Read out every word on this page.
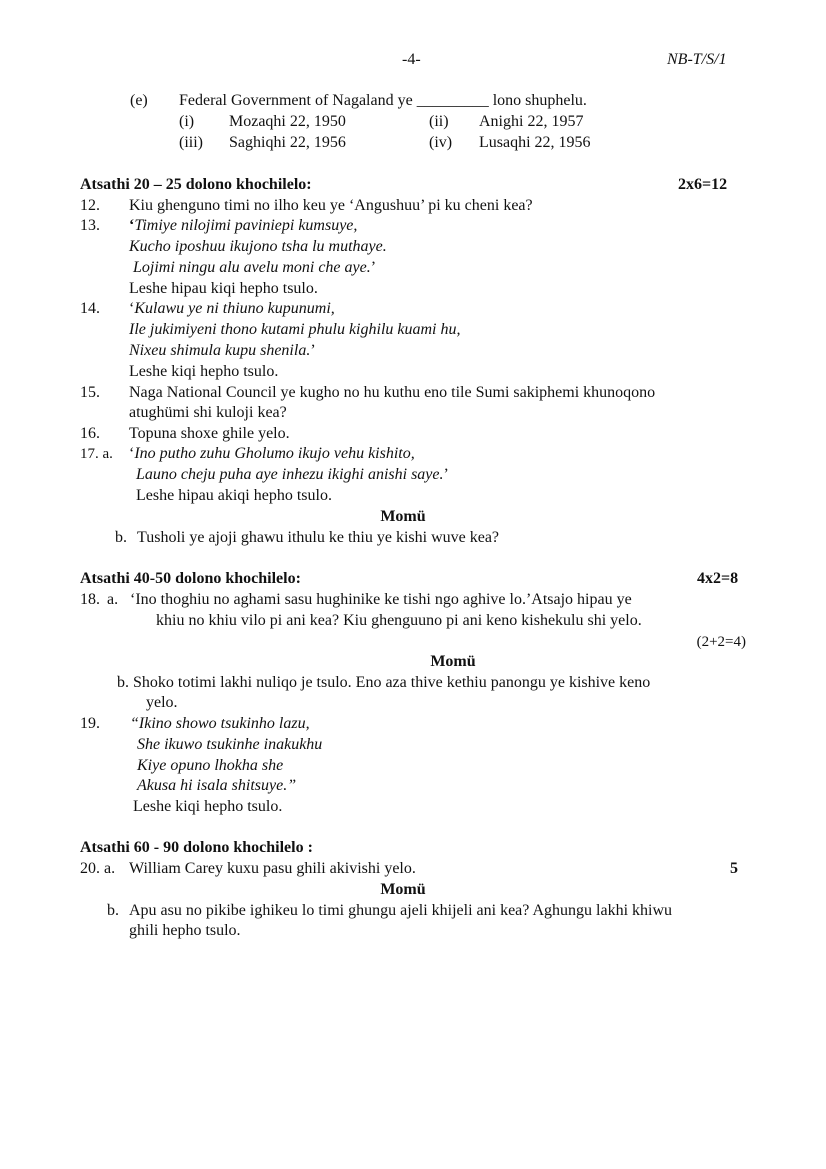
-4-	NB-T/S/1
(e) Federal Government of Nagaland ye _________ lono shuphelu.
(i) Mozaqhi 22, 1950	(ii) Anighi 22, 1957
(iii) Saghiqhi 22, 1956	(iv) Lusaqhi 22, 1956
Atsathi 20 – 25 dolono khochilelo:	2x6=12
12. Kiu ghenguno timi no ilho keu ye ‘Angushuu’ pi ku cheni kea?
13. ‘Timiye nilojimi paviniepi kumsuye,
Kucho iposhuu ikujono tsha lu muthaye.
Lojimi ningu alu avelu moni che aye.’
Leshe hipau kiqi hepho tsulo.
14. ‘Kulawu ye ni thiuno kupunumi,
Ile jukimiyeni thono kutami phulu kighilu kuami hu,
Nixeu shimula kupu shenila.’
Leshe kiqi hepho tsulo.
15. Naga National Council ye kugho no hu kuthu eno tile Sumi sakiphemi khunoqono
atughümi shi kuloji kea?
16. Topuna shoxe ghile yelo.
17. a. ‘Ino putho zuhu Gholumo ikujo vehu kishito,
Launo cheju puha aye inhezu ikighi anishi saye.’
Leshe hipau akiqi hepho tsulo.
Momü
b. Tusholi ye ajoji ghawu ithulu ke thiu ye kishi wuve kea?
Atsathi 40-50 dolono khochilelo:	4x2=8
18. a. ‘Ino thoghiu no aghami sasu hughinike ke tishi ngo aghive lo.’Atsajo hipau ye
khiu no khiu vilo pi ani kea? Kiu ghenguuno pi ani keno kishekulu shi yelo.
(2+2=4)
Momü
b. Shoko totimi lakhi nuliqo je tsulo. Eno aza thive kethiu panongu ye kishive keno
yelo.
19. “Ikino showo tsukinho lazu,
She ikuwo tsukinhe inakukhu
Kiye opuno lhokha she
Akusa hi isala shitsuye.”
Leshe kiqi hepho tsulo.
Atsathi 60 - 90 dolono khochilelo :
20. a. William Carey kuxu pasu ghili akivishi yelo.	5
Momü
b. Apu asu no pikibe ighikeu lo timi ghungu ajeli khijeli ani kea? Aghungu lakhi khiwu
ghili hepho tsulo.
